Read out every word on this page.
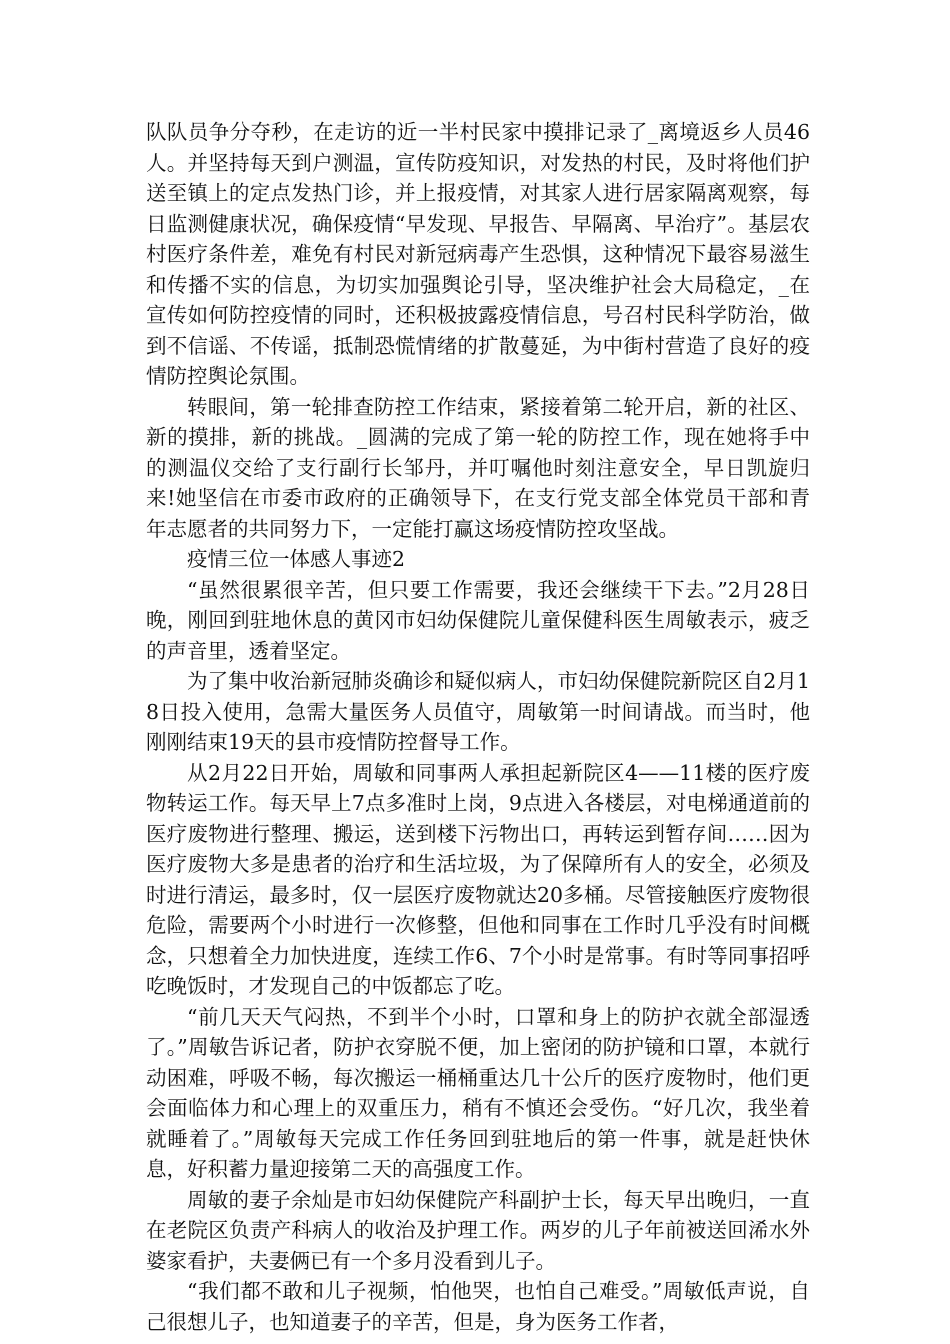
队队员争分夺秒，在走访的近一半村民家中摸排记录了_离境返乡人员46人。并坚持每天到户测温，宣传防疫知识，对发热的村民，及时将他们护送至镇上的定点发热门诊，并上报疫情，对其家人进行居家隔离观察，每日监测健康状况，确保疫情“早发现、早报告、早隔离、早治疗”。基层农村医疗条件差，难免有村民对新冠病毒产生恐惧，这种情况下最容易滋生和传播不实的信息，为切实加强舆论引导，坚决维护社会大局稳定，_在宣传如何防控疫情的同时，还积极披露疫情信息，号召村民科学防治，做到不信谣、不传谣，抵制恐慌情绪的扩散蔓延，为中街村营造了良好的疫情防控舆论氛围。

转眼间，第一轮排查防控工作结束，紧接着第二轮开启，新的社区、新的摸排，新的挑战。_圆满的完成了第一轮的防控工作，现在她将手中的测温仪交给了支行副行长邹丹，并叮嘱他时刻注意安全，早日凯旋归来!她坚信在市委市政府的正确领导下，在支行党支部全体党员干部和青年志愿者的共同努力下，一定能打赢这场疫情防控攻坚战。

疫情三位一体感人事迹2

“虽然很累很辛苦，但只要工作需要，我还会继续干下去。”2月28日晚，刚回到驻地休息的黄冈市妇幼保健院儿童保健科医生周敏表示，疲乏的声音里，透着坚定。

为了集中收治新冠肺炎确诊和疑似病人，市妇幼保健院新院区自2月18日投入使用，急需大量医务人员值守，周敏第一时间请战。而当时，他刚刚结束19天的县市疫情防控督导工作。

从2月22日开始，周敏和同事两人承担起新院区4——11楼的医疗废物转运工作。每天早上7点多准时上岗，9点进入各楼层，对电梯通道前的医疗废物进行整理、搬运，送到楼下污物出口，再转运到暂存间……因为医疗废物大多是患者的治疗和生活垃圾，为了保障所有人的安全，必须及时进行清运，最多时，仅一层医疗废物就达20多桶。尽管接触医疗废物很危险，需要两个小时进行一次修整，但他和同事在工作时几乎没有时间概念，只想着全力加快进度，连续工作6、7个小时是常事。有时等同事招呼吃晚饭时，才发现自己的中饭都忘了吃。

“前几天天气闷热，不到半个小时，口罩和身上的防护衣就全部湿透了。”周敏告诉记者，防护衣穿脱不便，加上密闭的防护镜和口罩，本就行动困难，呼吸不畅，每次搬运一桶桶重达几十公斤的医疗废物时，他们更会面临体力和心理上的双重压力，稍有不慎还会受伤。“好几次，我坐着就睡着了。”周敏每天完成工作任务回到驻地后的第一件事，就是赶快休息，好积蓄力量迎接第二天的高强度工作。

周敏的妻子余灿是市妇幼保健院产科副护士长，每天早出晚归，一直在老院区负责产科病人的收治及护理工作。两岁的儿子年前被送回浠水外婆家看护，夫妻俩已有一个多月没看到儿子。

“我们都不敢和儿子视频，怕他哭，也怕自己难受。”周敏低声说，自己很想儿子，也知道妻子的辛苦，但是，身为医务工作者，
